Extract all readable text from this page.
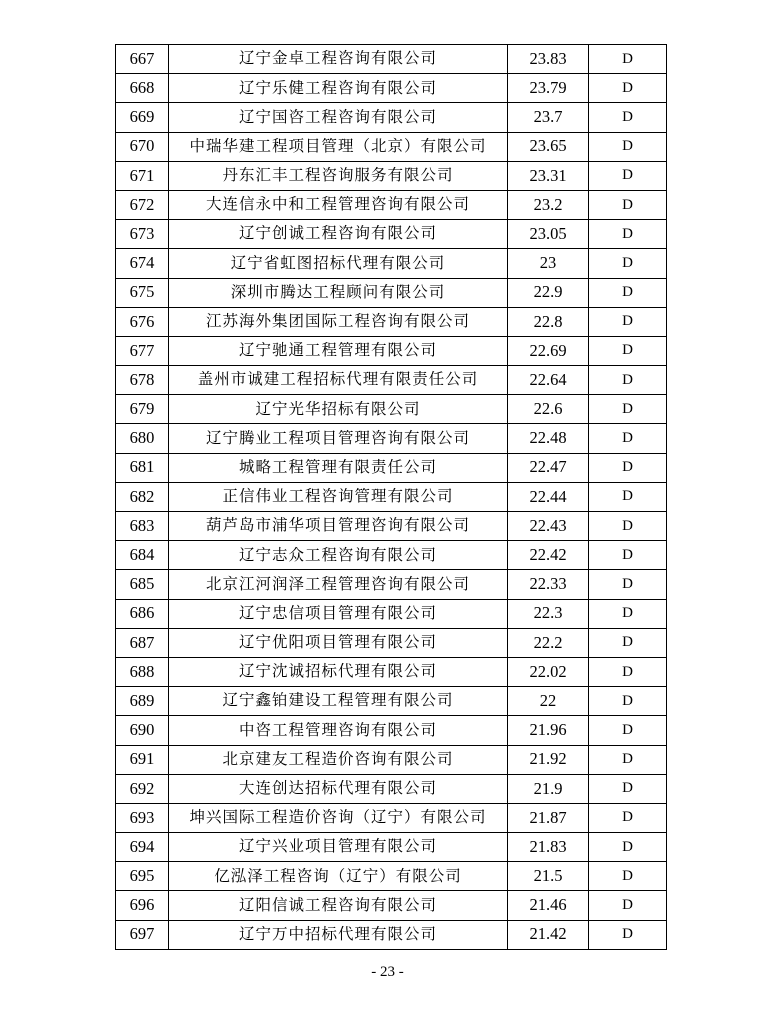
667	辽宁金卓工程咨询有限公司	23.83	D
668	辽宁乐健工程咨询有限公司	23.79	D
669	辽宁国咨工程咨询有限公司	23.7	D
670	中瑞华建工程项目管理（北京）有限公司	23.65	D
671	丹东汇丰工程咨询服务有限公司	23.31	D
672	大连信永中和工程管理咨询有限公司	23.2	D
673	辽宁创诚工程咨询有限公司	23.05	D
674	辽宁省虹图招标代理有限公司	23	D
675	深圳市腾达工程顾问有限公司	22.9	D
676	江苏海外集团国际工程咨询有限公司	22.8	D
677	辽宁驰通工程管理有限公司	22.69	D
678	盖州市诚建工程招标代理有限责任公司	22.64	D
679	辽宁光华招标有限公司	22.6	D
680	辽宁腾业工程项目管理咨询有限公司	22.48	D
681	城略工程管理有限责任公司	22.47	D
682	正信伟业工程咨询管理有限公司	22.44	D
683	葫芦岛市浦华项目管理咨询有限公司	22.43	D
684	辽宁志众工程咨询有限公司	22.42	D
685	北京江河润泽工程管理咨询有限公司	22.33	D
686	辽宁忠信项目管理有限公司	22.3	D
687	辽宁优阳项目管理有限公司	22.2	D
688	辽宁沈诚招标代理有限公司	22.02	D
689	辽宁鑫铂建设工程管理有限公司	22	D
690	中咨工程管理咨询有限公司	21.96	D
691	北京建友工程造价咨询有限公司	21.92	D
692	大连创达招标代理有限公司	21.9	D
693	坤兴国际工程造价咨询（辽宁）有限公司	21.87	D
694	辽宁兴业项目管理有限公司	21.83	D
695	亿泓泽工程咨询（辽宁）有限公司	21.5	D
696	辽阳信诚工程咨询有限公司	21.46	D
697	辽宁万中招标代理有限公司	21.42	D
- 23 -
